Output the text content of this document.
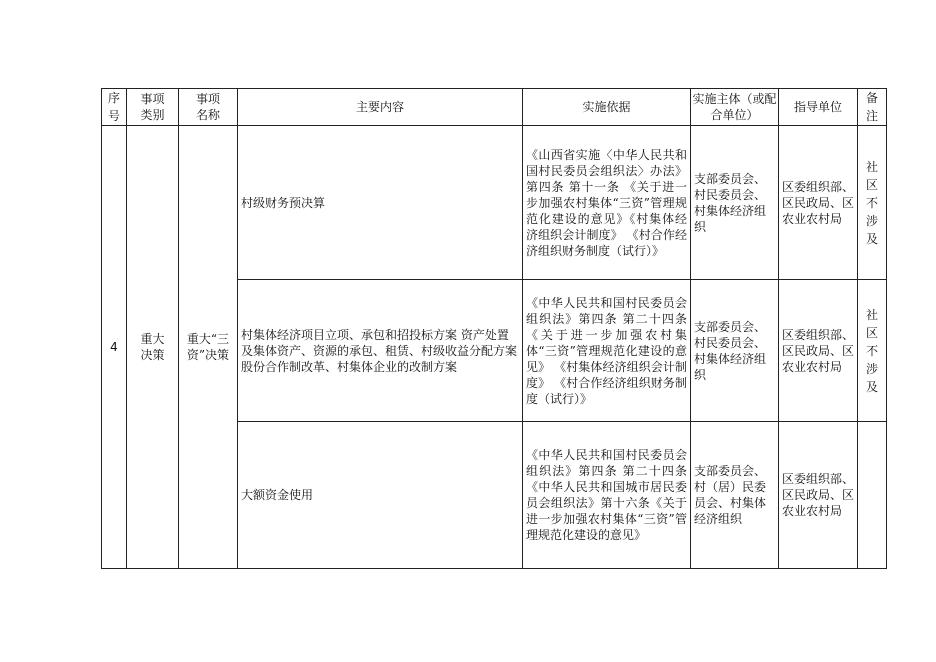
序号	事项类别	事项名称	主要内容	实施依据	实施主体（或配合单位）	指导单位	备注
4	重大决策	重大“三资”决策	村级财务预决算	《山西省实施〈中华人民共和国村民委员会组织法〉办法》第四条 第十一条 《关于进一步加强农村集体“三资”管理规范化建设的意见》《村集体经济组织会计制度》 《村合作经济组织财务制度（试行）》	支部委员会、村民委员会、村集体经济组织	区委组织部、区民政局、区农业农村局	社区不涉及
			村集体经济项目立项、承包和招投标方案 资产处置及集体资产、资源的承包、租赁、村级收益分配方案 股份合作制改革、村集体企业的改制方案	《中华人民共和国村民委员会组织法》第四条 第二十四条《关于进一步加强农村集体“三资”管理规范化建设的意见》 《村集体经济组织会计制度》 《村合作经济组织财务制度（试行）》	支部委员会、村民委员会、村集体经济组织	区委组织部、区民政局、区农业农村局	社区不涉及
			大额资金使用	《中华人民共和国村民委员会组织法》第四条 第二十四条《中华人民共和国城市居民委员会组织法》第十六条《关于进一步加强农村集体“三资”管理规范化建设的意见》	支部委员会、村（居）民委员会、村集体经济组织	区委组织部、区民政局、区农业农村局	
